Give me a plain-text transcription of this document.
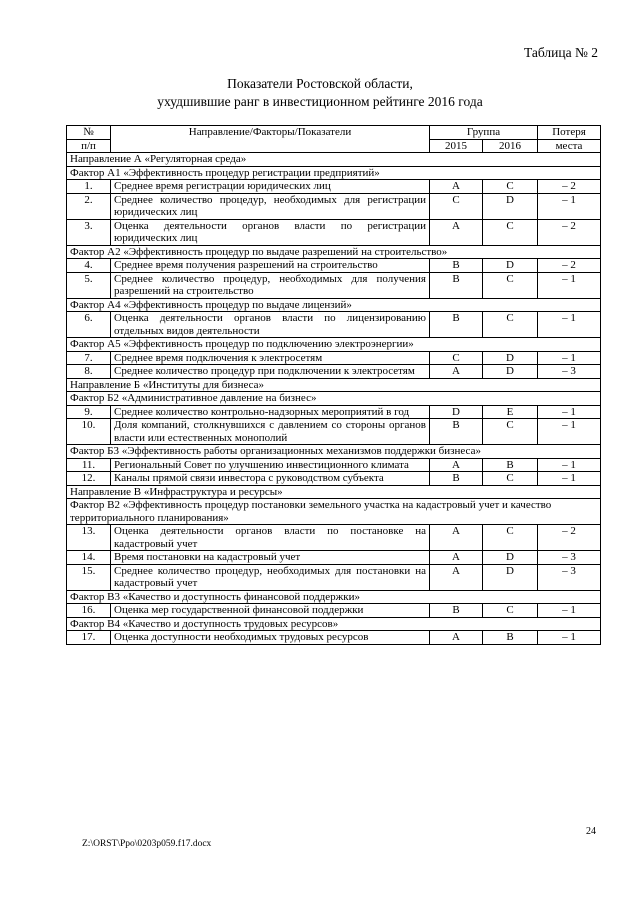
Таблица № 2
Показатели Ростовской области,
ухудшившие ранг в инвестиционном рейтинге 2016 года
№	Направление/Факторы/Показатели	Группа		Потеря
п/п		2015	2016	места
Направление А «Регуляторная среда»				
Фактор А1 «Эффективность процедур регистрации предприятий»				
1.	Среднее время регистрации юридических лиц	A	C	– 2
2.	Среднее количество процедур, необходимых для регистрации юридических лиц	C	D	– 1
3.	Оценка деятельности органов власти по регистрации юридических лиц	A	C	– 2
Фактор А2 «Эффективность процедур по выдаче разрешений на строительство»				
4.	Среднее время получения разрешений на строительство	B	D	– 2
5.	Среднее количество процедур, необходимых для получения разрешений на строительство	B	C	– 1
Фактор А4 «Эффективность процедур по выдаче лицензий»				
6.	Оценка деятельности органов власти по лицензированию отдельных видов деятельности	B	C	– 1
Фактор А5 «Эффективность процедур по подключению электроэнергии»				
7.	Среднее время подключения к электросетям	C	D	– 1
8.	Среднее количество процедур при подключении к электросетям	A	D	– 3
Направление Б «Институты для бизнеса»				
Фактор Б2 «Административное давление на бизнес»				
9.	Среднее количество контрольно-надзорных мероприятий в год	D	E	– 1
10.	Доля компаний, столкнувшихся с давлением со стороны органов власти или естественных монополий	B	C	– 1
Фактор Б3 «Эффективность работы организационных механизмов поддержки бизнеса»				
11.	Региональный Совет по улучшению инвестиционного климата	A	B	– 1
12.	Каналы прямой связи инвестора с руководством субъекта	B	C	– 1
Направление В «Инфраструктура и ресурсы»				
Фактор В2 «Эффективность процедур постановки земельного участка на кадастровый учет и качество территориального планирования»				
13.	Оценка деятельности органов власти по постановке на кадастровый учет	A	C	– 2
14.	Время постановки на кадастровый учет	A	D	– 3
15.	Среднее количество процедур, необходимых для постановки на кадастровый учет	A	D	– 3
Фактор В3 «Качество и доступность финансовой поддержки»				
16.	Оценка мер государственной финансовой поддержки	B	C	– 1
Фактор В4 «Качество и доступность трудовых ресурсов»				
17.	Оценка доступности необходимых трудовых ресурсов	A	B	– 1
24
Z:\ORST\Ppo\0203p059.f17.docx
